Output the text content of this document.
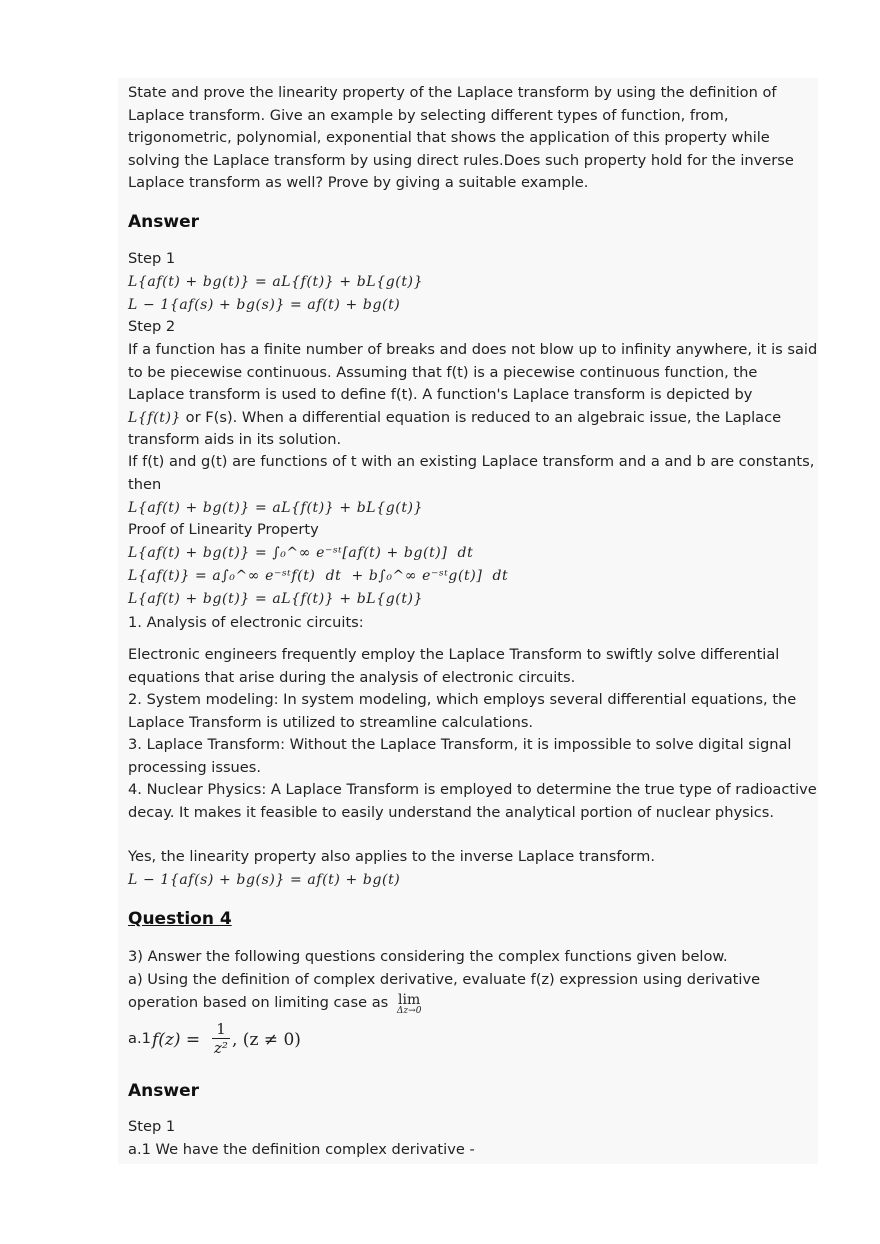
State and prove the linearity property of the Laplace transform by using the definition of Laplace transform. Give an example by selecting different types of function, from, trigonometric, polynomial, exponential that shows the application of this property while solving the Laplace transform by using direct rules.Does such property hold for the inverse Laplace transform as well? Prove by giving a suitable example.

Answer

Step 1

L{af(t) + bg(t)} = aL{f(t)} + bL{g(t)}

L − 1{af(s) + bg(s)} = af(t) + bg(t)

Step 2

If a function has a finite number of breaks and does not blow up to infinity anywhere, it is said to be piecewise continuous. Assuming that f(t) is a piecewise continuous function, the Laplace transform is used to define f(t). A function's Laplace transform is depicted by
L{f(t)} or F(s). When a differential equation is reduced to an algebraic issue, the Laplace transform aids in its solution.

If f(t) and g(t) are functions of t with an existing Laplace transform and a and b are constants, then

L{af(t) + bg(t)} = aL{f(t)} + bL{g(t)}

Proof of Linearity Property

L{af(t) + bg(t)} = ∫₀^∞ e⁻ˢᵗ[af(t) + bg(t)]  dt

L{af(t)} = a∫₀^∞ e⁻ˢᵗf(t)  dt  + b∫₀^∞ e⁻ˢᵗg(t)]  dt

L{af(t) + bg(t)} = aL{f(t)} + bL{g(t)}

1. Analysis of electronic circuits:

Electronic engineers frequently employ the Laplace Transform to swiftly solve differential equations that arise during the analysis of electronic circuits.

2. System modeling: In system modeling, which employs several differential equations, the Laplace Transform is utilized to streamline calculations.

3. Laplace Transform: Without the Laplace Transform, it is impossible to solve digital signal processing issues.

4. Nuclear Physics: A Laplace Transform is employed to determine the true type of radioactive decay. It makes it feasible to easily understand the analytical portion of nuclear physics.

Yes, the linearity property also applies to the inverse Laplace transform.

L − 1{af(s) + bg(s)} = af(t) + bg(t)

Question 4

3) Answer the following questions considering the complex functions given below.

a) Using the definition of complex derivative, evaluate f(z) expression using derivative operation based on limiting case as lim
Δz→0
a.1 $f(z) = \frac{1}{\text{z²}}$ , (z ≠ 0)

Answer

Step 1

a.1 We have the definition complex derivative -
